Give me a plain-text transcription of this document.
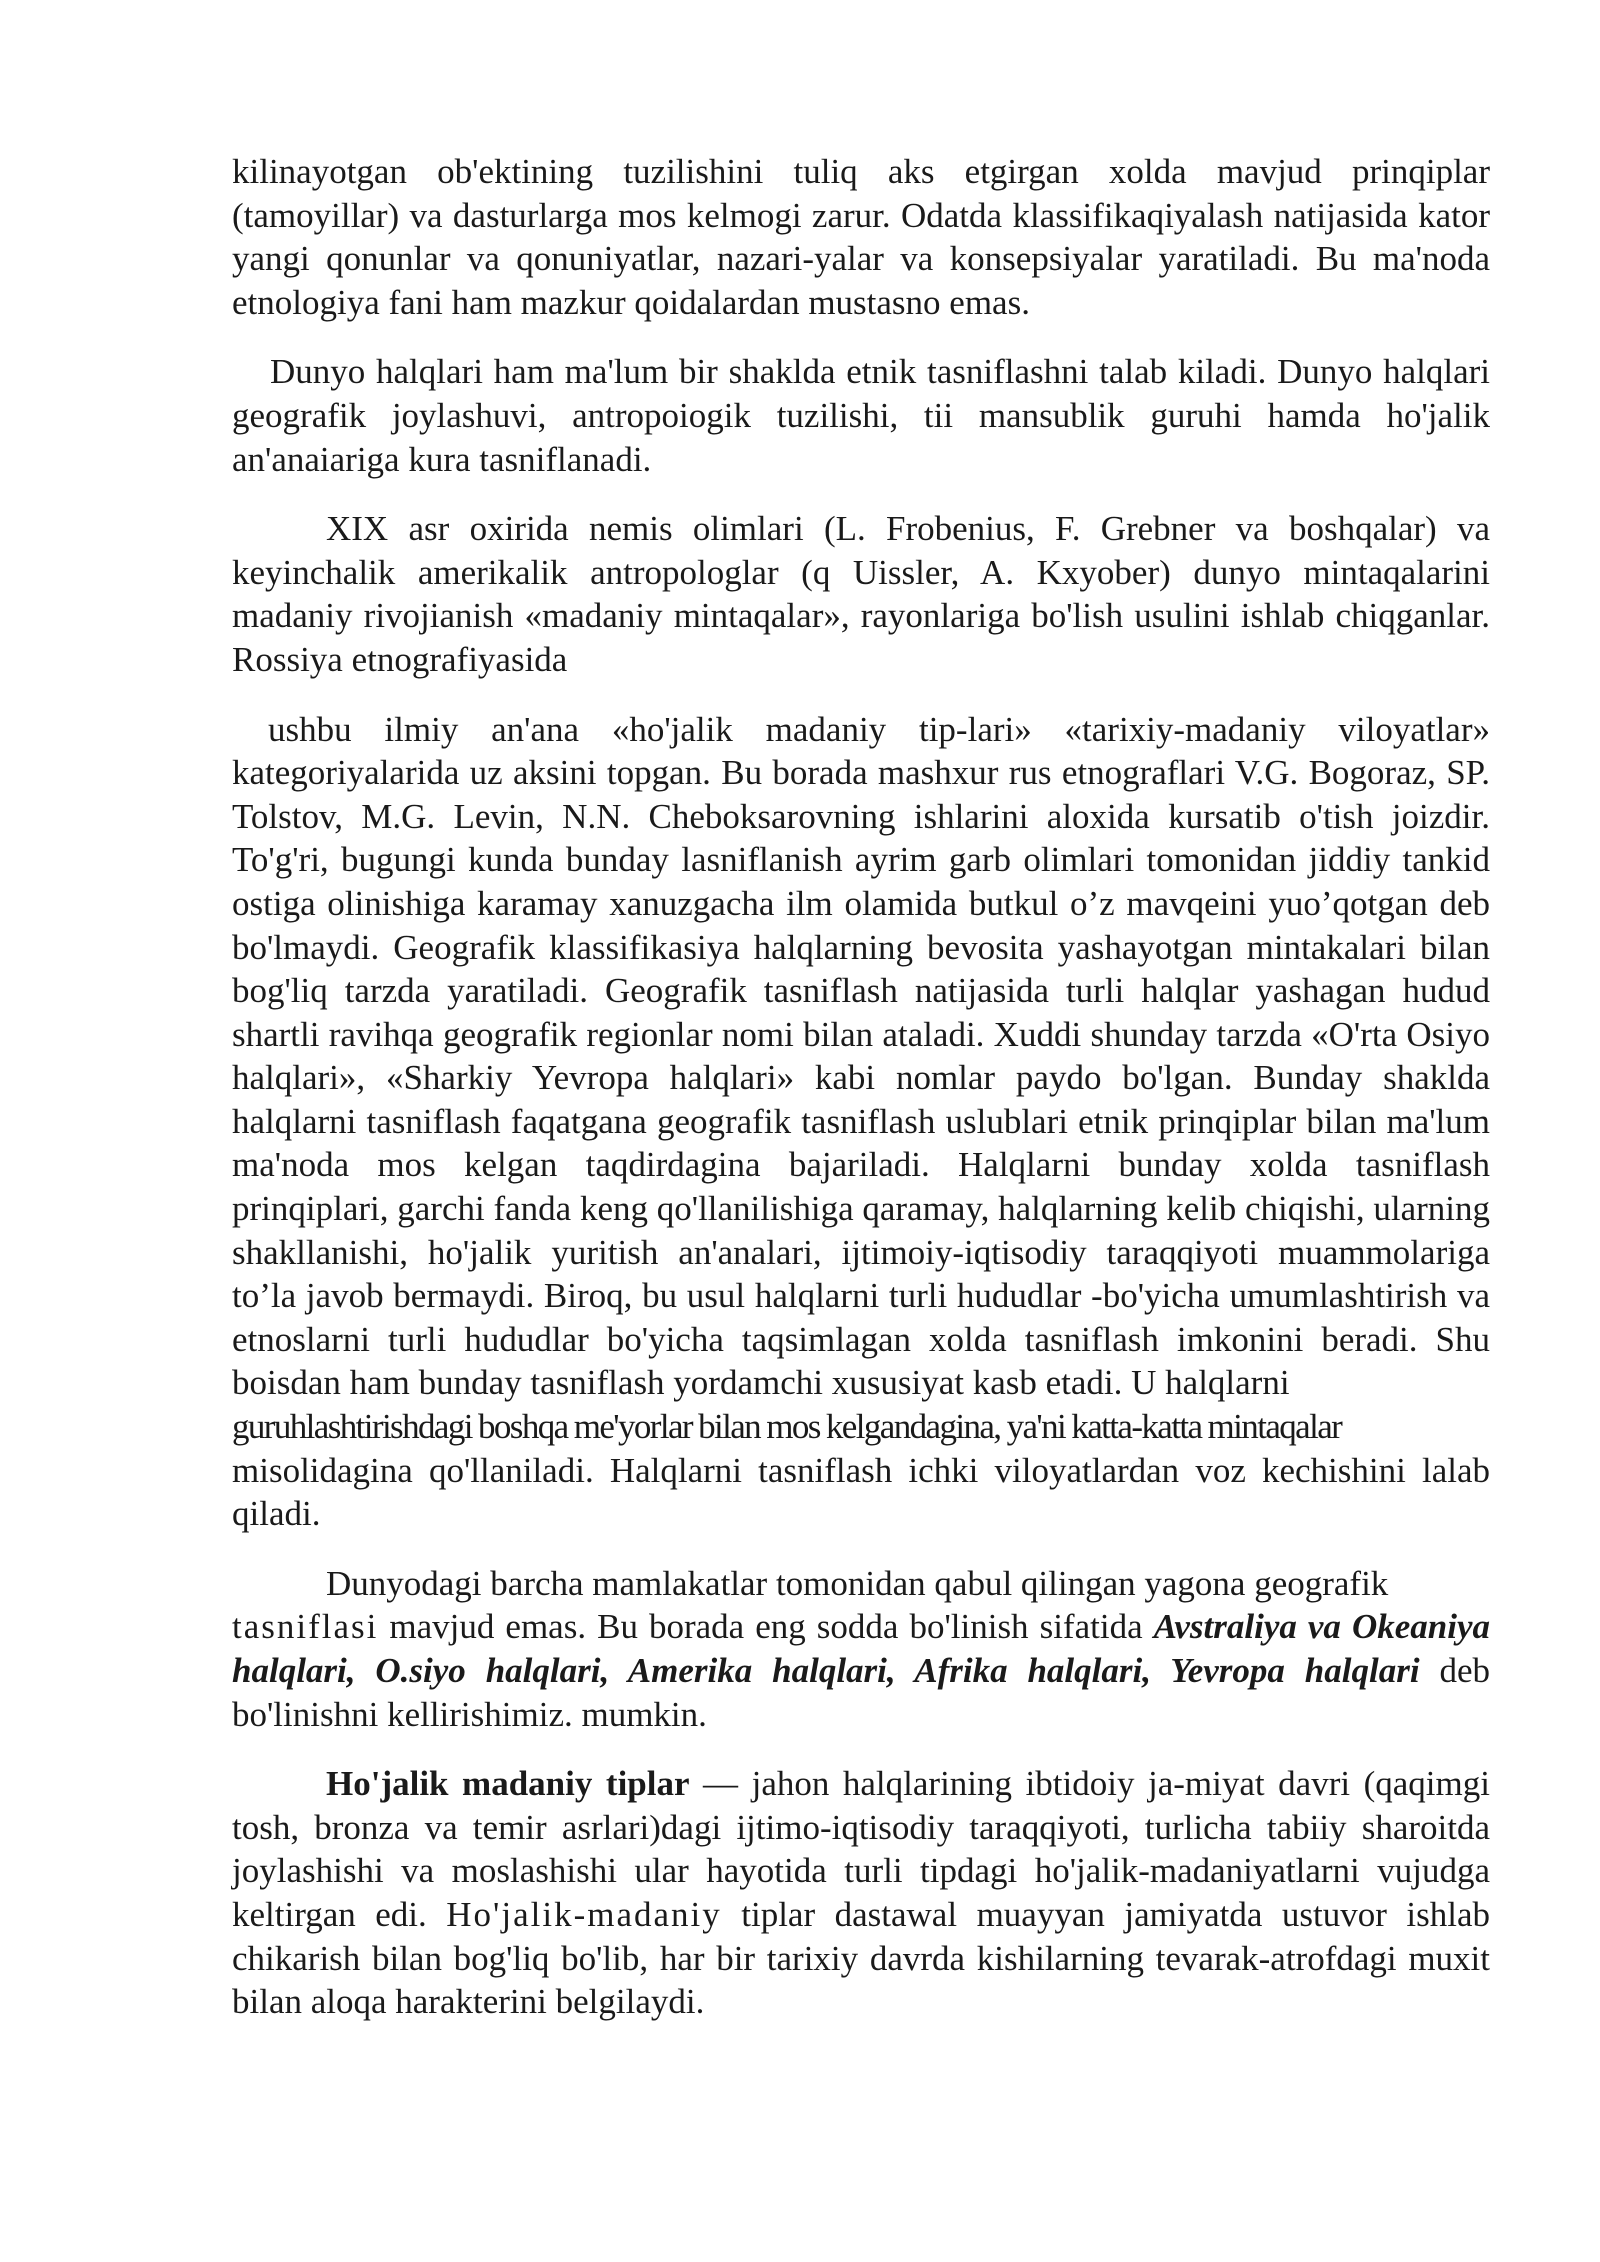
kilinayotgan ob'ektining tuzilishini tuliq aks etgirgan xolda mavjud prinqiplar (tamoyillar) va dasturlarga mos kelmogi zarur. Odatda klassifikaqiyalash natijasida kator yangi qonunlar va qonuniyatlar, nazari-yalar va konsepsiyalar yaratiladi. Bu ma'noda etnologiya fani ham mazkur qoidalardan mustasno emas.

Dunyo halqlari ham ma'lum bir shaklda etnik tasniflashni talab kiladi. Dunyo halqlari geografik joylashuvi, antropoiogik tuzilishi, tii mansublik guruhi hamda ho'jalik an'anaiariga kura tasniflanadi.

XIX asr oxirida nemis olimlari (L. Frobenius, F. Grebner va boshqalar) va keyinchalik amerikalik antropologlar (q Uissler, A. Kxyober) dunyo mintaqalarini madaniy rivojianish «madaniy mintaqalar», rayonlariga bo'lish usulini ishlab chiqganlar. Rossiya etnografiyasida

ushbu ilmiy an'ana «ho'jalik madaniy tip-lari» «tarixiy-madaniy viloyatlar» kategoriyalarida uz aksini topgan. Bu borada mashxur rus etnograflari V.G. Bogoraz, SP. Tolstov, M.G. Levin, N.N. Cheboksarovning ishlarini aloxida kursatib o'tish joizdir. To'g'ri, bugungi kunda bunday lasniflanish ayrim garb olimlari tomonidan jiddiy tankid ostiga olinishiga karamay xanuzgacha ilm olamida butkul o’z mavqeini yuo’qotgan deb bo'lmaydi. Geografik klassifikasiya halqlarning bevosita yashayotgan mintakalari bilan bog'liq tarzda yaratiladi. Geografik tasniflash natijasida turli halqlar yashagan hudud shartli ravihqa geografik regionlar nomi bilan ataladi. Xuddi shunday tarzda «O'rta Osiyo halqlari», «Sharkiy Yevropa halqlari» kabi nomlar paydo bo'lgan. Bunday shaklda halqlarni tasniflash faqatgana geografik tasniflash uslublari etnik prinqiplar bilan ma'lum ma'noda mos kelgan taqdirdagina bajariladi. Halqlarni bunday xolda tasniflash prinqiplari, garchi fanda keng qo'llanilishiga qaramay, halqlarning kelib chiqishi, ularning shakllanishi, ho'jalik yuritish an'analari, ijtimoiy-iqtisodiy taraqqiyoti muammolariga to’la javob bermaydi. Biroq, bu usul halqlarni turli hududlar -bo'yicha umumlashtirish va etnoslarni turli hududlar bo'yicha taqsimlagan xolda tasniflash imkonini beradi. Shu boisdan ham bunday tasniflash yordamchi xususiyat kasb etadi. U halqlarni
guruhlashtirishdagi boshqa me'yorlar bilan mos kelgandagina, ya'ni katta-katta mintaqalar
misolidagina qo'llaniladi. Halqlarni tasniflash ichki viloyatlardan voz kechishini lalab qiladi.

Dunyodagi barcha mamlakatlar tomonidan qabul qilingan yagona geografik
tasniflasi mavjud emas. Bu borada eng sodda bo'linish sifatida Avstraliya va Okeaniya halqlari, O.siyo halqlari, Amerika halqlari, Afrika halqlari, Yevropa halqlari deb bo'linishni kellirishimiz. mumkin.

Ho'jalik madaniy tiplar — jahon halqlarining ibtidoiy ja-miyat davri (qaqimgi tosh, bronza va temir asrlari)dagi ijtimo-iqtisodiy taraqqiyoti, turlicha tabiiy sharoitda joylashishi va moslashishi ular hayotida turli tipdagi ho'jalik-madaniyatlarni vujudga keltirgan edi. Ho'jalik-madaniy tiplar dastawal muayyan jamiyatda ustuvor ishlab chikarish bilan bog'liq bo'lib, har bir tarixiy davrda kishilarning tevarak-atrofdagi muxit bilan aloqa harakterini belgilaydi.
